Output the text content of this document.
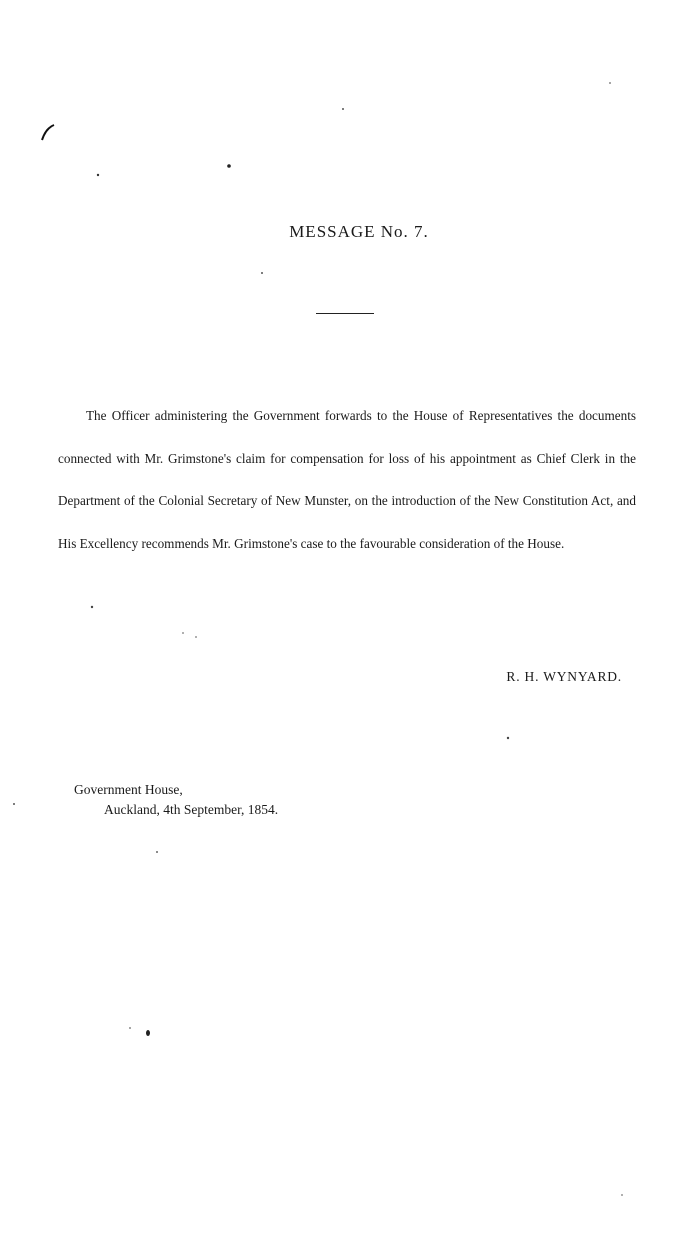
MESSAGE No. 7.

The Officer administering the Government forwards to the House of Representatives the documents connected with Mr. Grimstone's claim for compensation for loss of his appointment as Chief Clerk in the Department of the Colonial Secretary of New Munster, on the introduction of the New Constitution Act, and His Excellency recommends Mr. Grimstone's case to the favourable consideration of the House.

R. H. WYNYARD.
Government House,
Auckland, 4th September, 1854.
